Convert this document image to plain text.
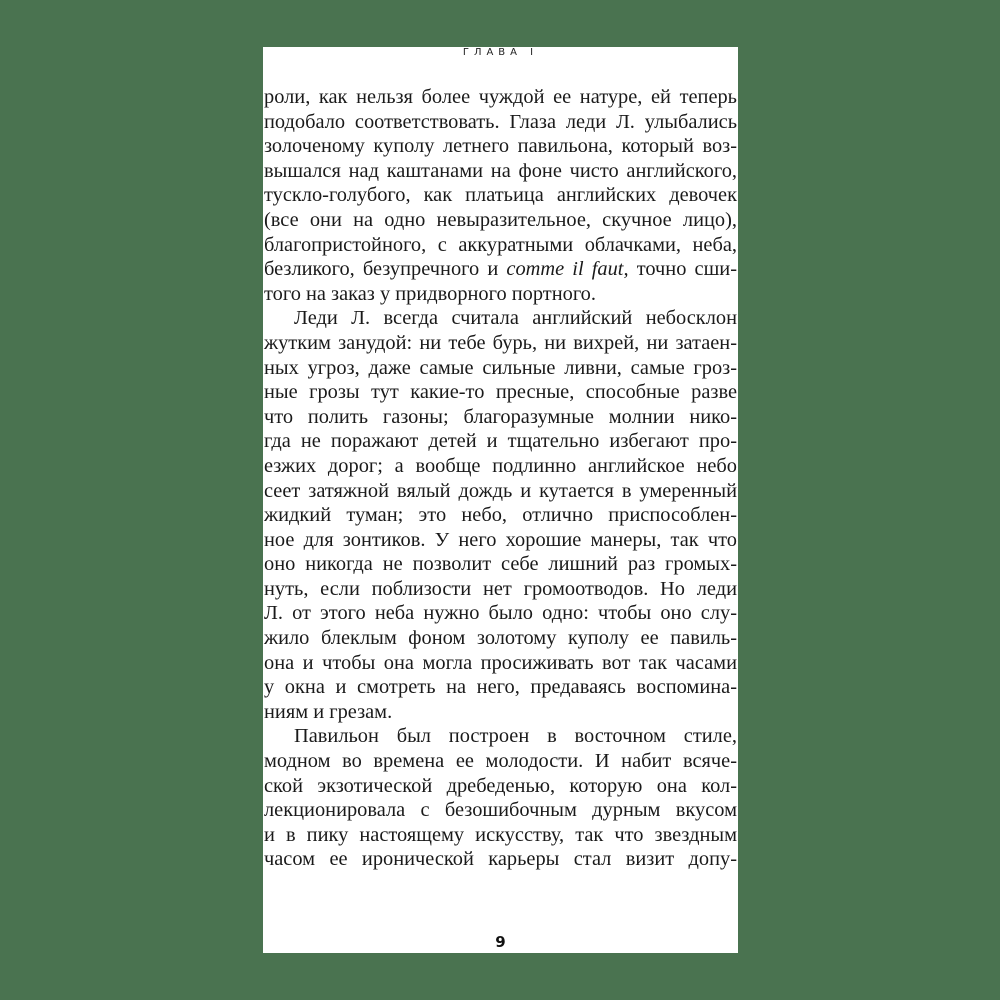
ГЛАВА I
роли, как нельзя более чуждой ее натуре, ей теперь
подобало соответствовать. Глаза леди Л. улыбались
золоченому куполу летнего павильона, который воз-
вышался над каштанами на фоне чисто английского,
тускло-голубого, как платьица английских девочек
(все они на одно невыразительное, скучное лицо),
благопристойного, с аккуратными облачками, неба,
безликого, безупречного и comme il faut, точно сши-
того на заказ у придворного портного.
Леди Л. всегда считала английский небосклон
жутким занудой: ни тебе бурь, ни вихрей, ни затаен-
ных угроз, даже самые сильные ливни, самые гроз-
ные грозы тут какие-то пресные, способные разве
что полить газоны; благоразумные молнии нико-
гда не поражают детей и тщательно избегают про-
езжих дорог; а вообще подлинно английское небо
сеет затяжной вялый дождь и кутается в умеренный
жидкий туман; это небо, отлично приспособлен-
ное для зонтиков. У него хорошие манеры, так что
оно никогда не позволит себе лишний раз громых-
нуть, если поблизости нет громоотводов. Но леди
Л. от этого неба нужно было одно: чтобы оно слу-
жило блеклым фоном золотому куполу ее павиль-
она и чтобы она могла просиживать вот так часами
у окна и смотреть на него, предаваясь воспомина-
ниям и грезам.
Павильон был построен в восточном стиле,
модном во времена ее молодости. И набит всяче-
ской экзотической дребеденью, которую она кол-
лекционировала с безошибочным дурным вкусом
и в пику настоящему искусству, так что звездным
часом ее иронической карьеры стал визит допу-
9
